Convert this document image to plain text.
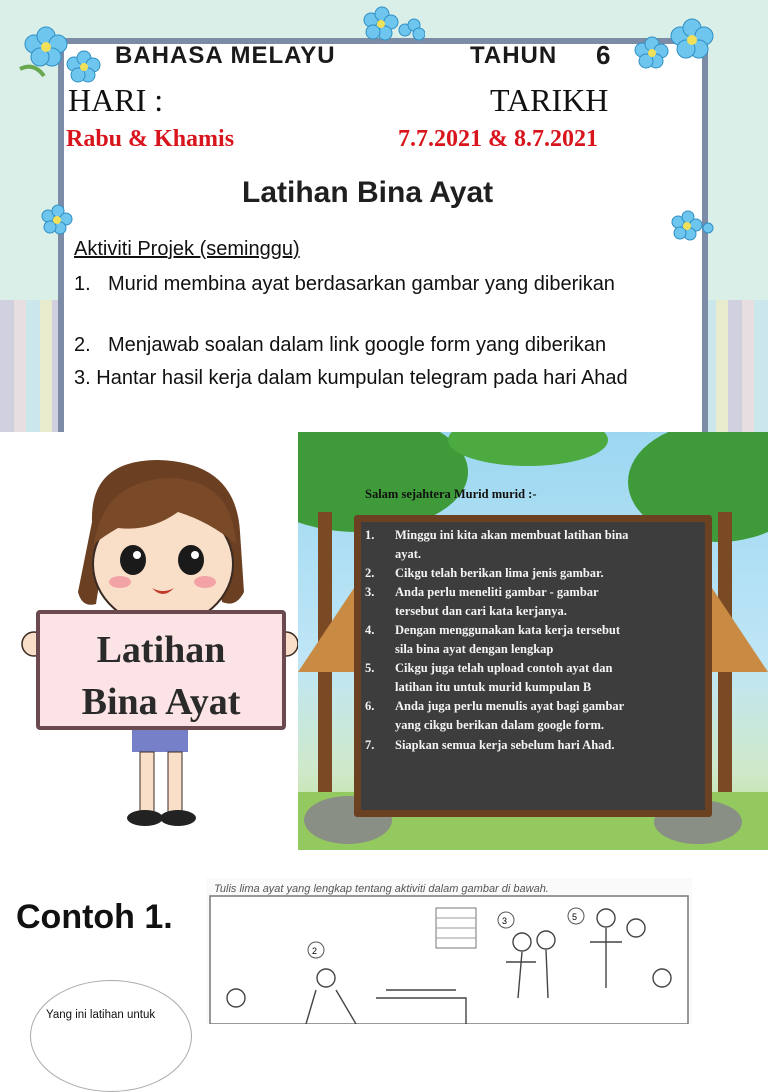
BAHASA MELAYU	TAHUN 6
HARI :	TARIKH
Rabu & Khamis	7.7.2021 & 8.7.2021
Latihan Bina Ayat
Aktiviti Projek (seminggu)
1. Murid membina ayat berdasarkan gambar yang diberikan
2. Menjawab soalan dalam link google form yang diberikan
3. Hantar hasil kerja dalam kumpulan telegram pada hari Ahad
Latihan
Bina Ayat
Salam sejahtera Murid murid :-
1. Minggu ini kita akan membuat latihan bina
ayat.
2. Cikgu telah berikan lima jenis gambar.
3. Anda perlu meneliti gambar - gambar
tersebut dan cari kata kerjanya.
4. Dengan menggunakan kata kerja tersebut
sila bina ayat dengan lengkap
5. Cikgu juga telah upload contoh ayat dan
latihan itu untuk murid kumpulan B
6. Anda juga perlu menulis ayat bagi gambar
yang cikgu berikan dalam google form.
7. Siapkan semua kerja sebelum hari Ahad.
Contoh 1.
2
3	5
Tulis lima ayat yang lengkap tentang aktiviti dalam gambar di bawah.
Yang ini latihan untuk
